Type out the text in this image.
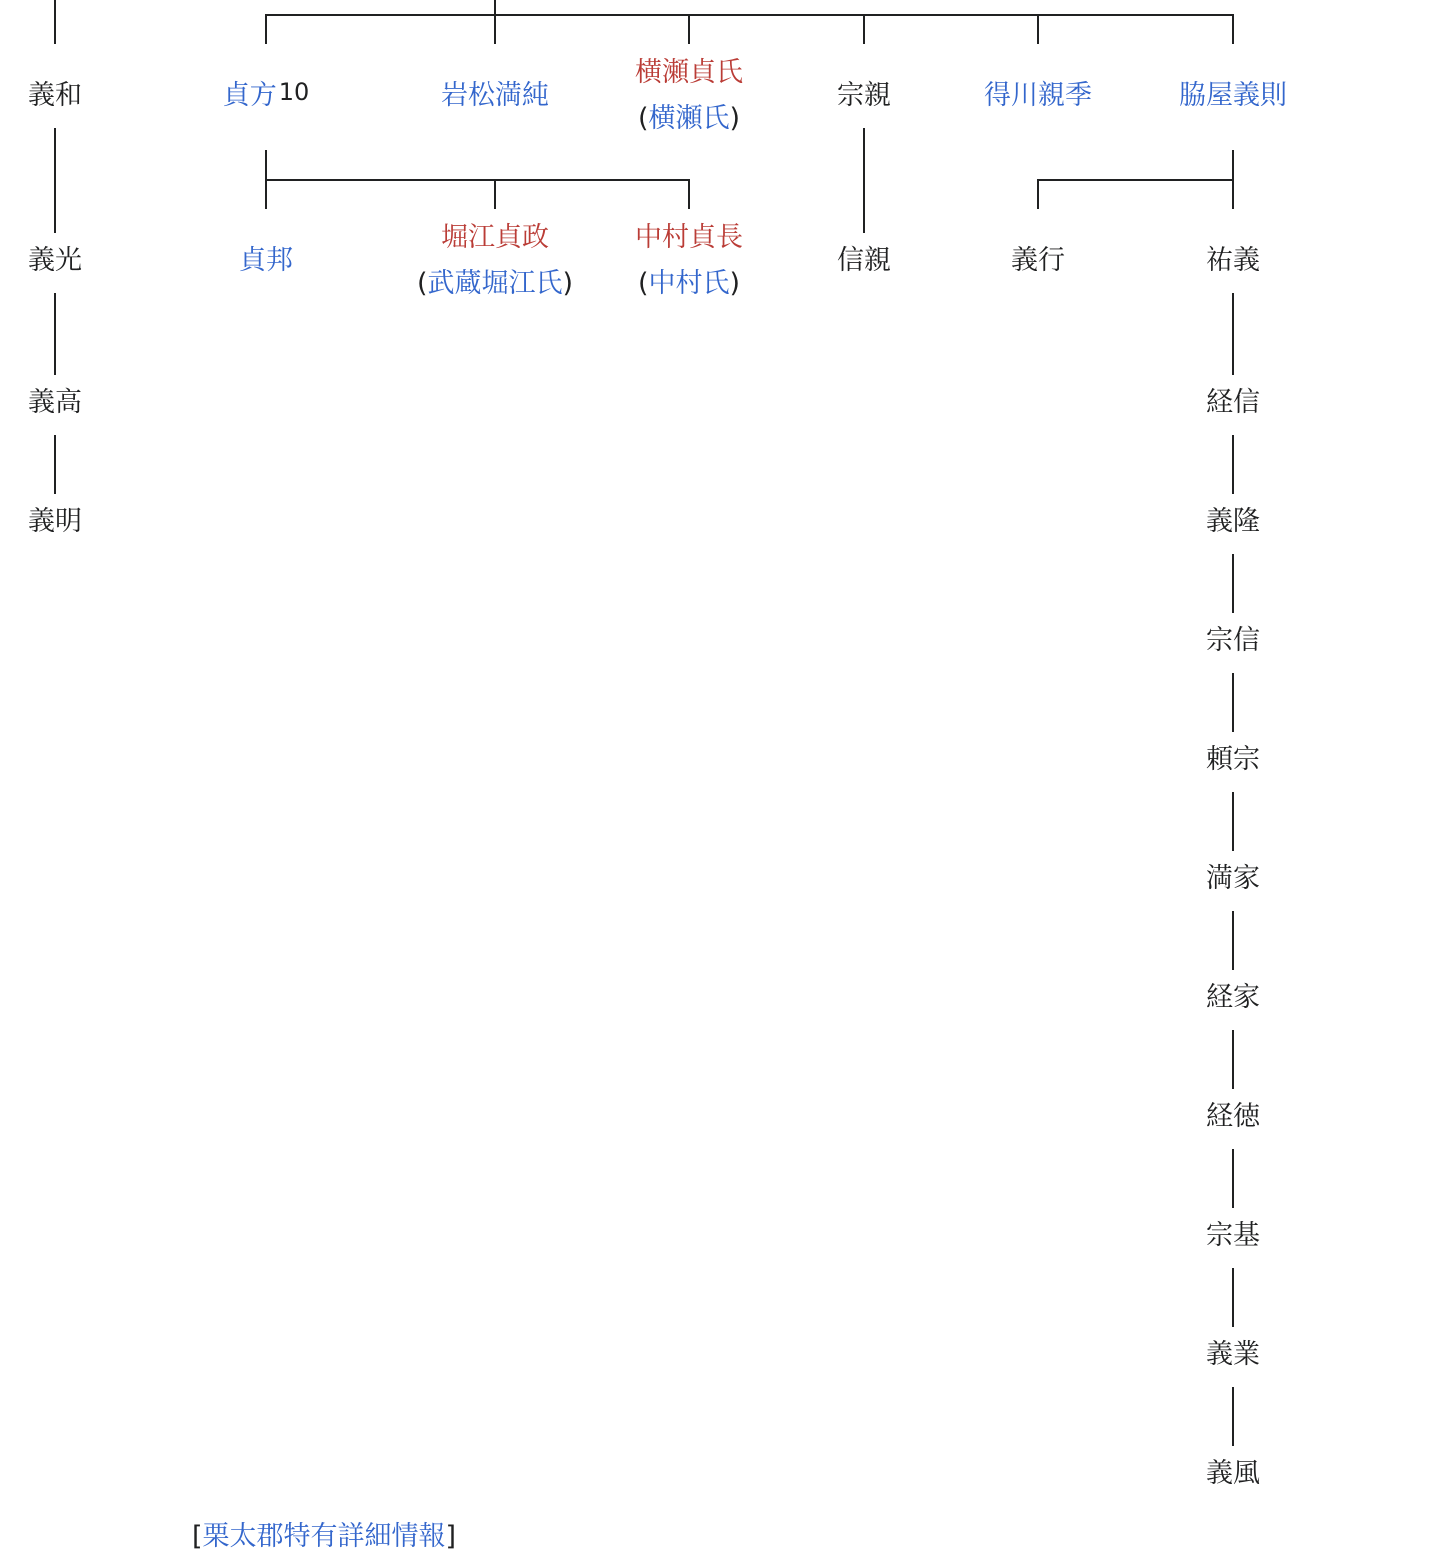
義和	貞方$^{10}$	岩松満純
横瀬貞氏
(横瀬氏)
宗親	得川親季	脇屋義則
義光	貞邦
堀江貞政
(武蔵堀江氏)
中村貞長
(中村氏)
信親	義行	祐義
義高
義明
経信
義隆
宗信
頼宗
満家
経家
経徳
宗基
義業
義風
[栗太郡特有詳細情報]
